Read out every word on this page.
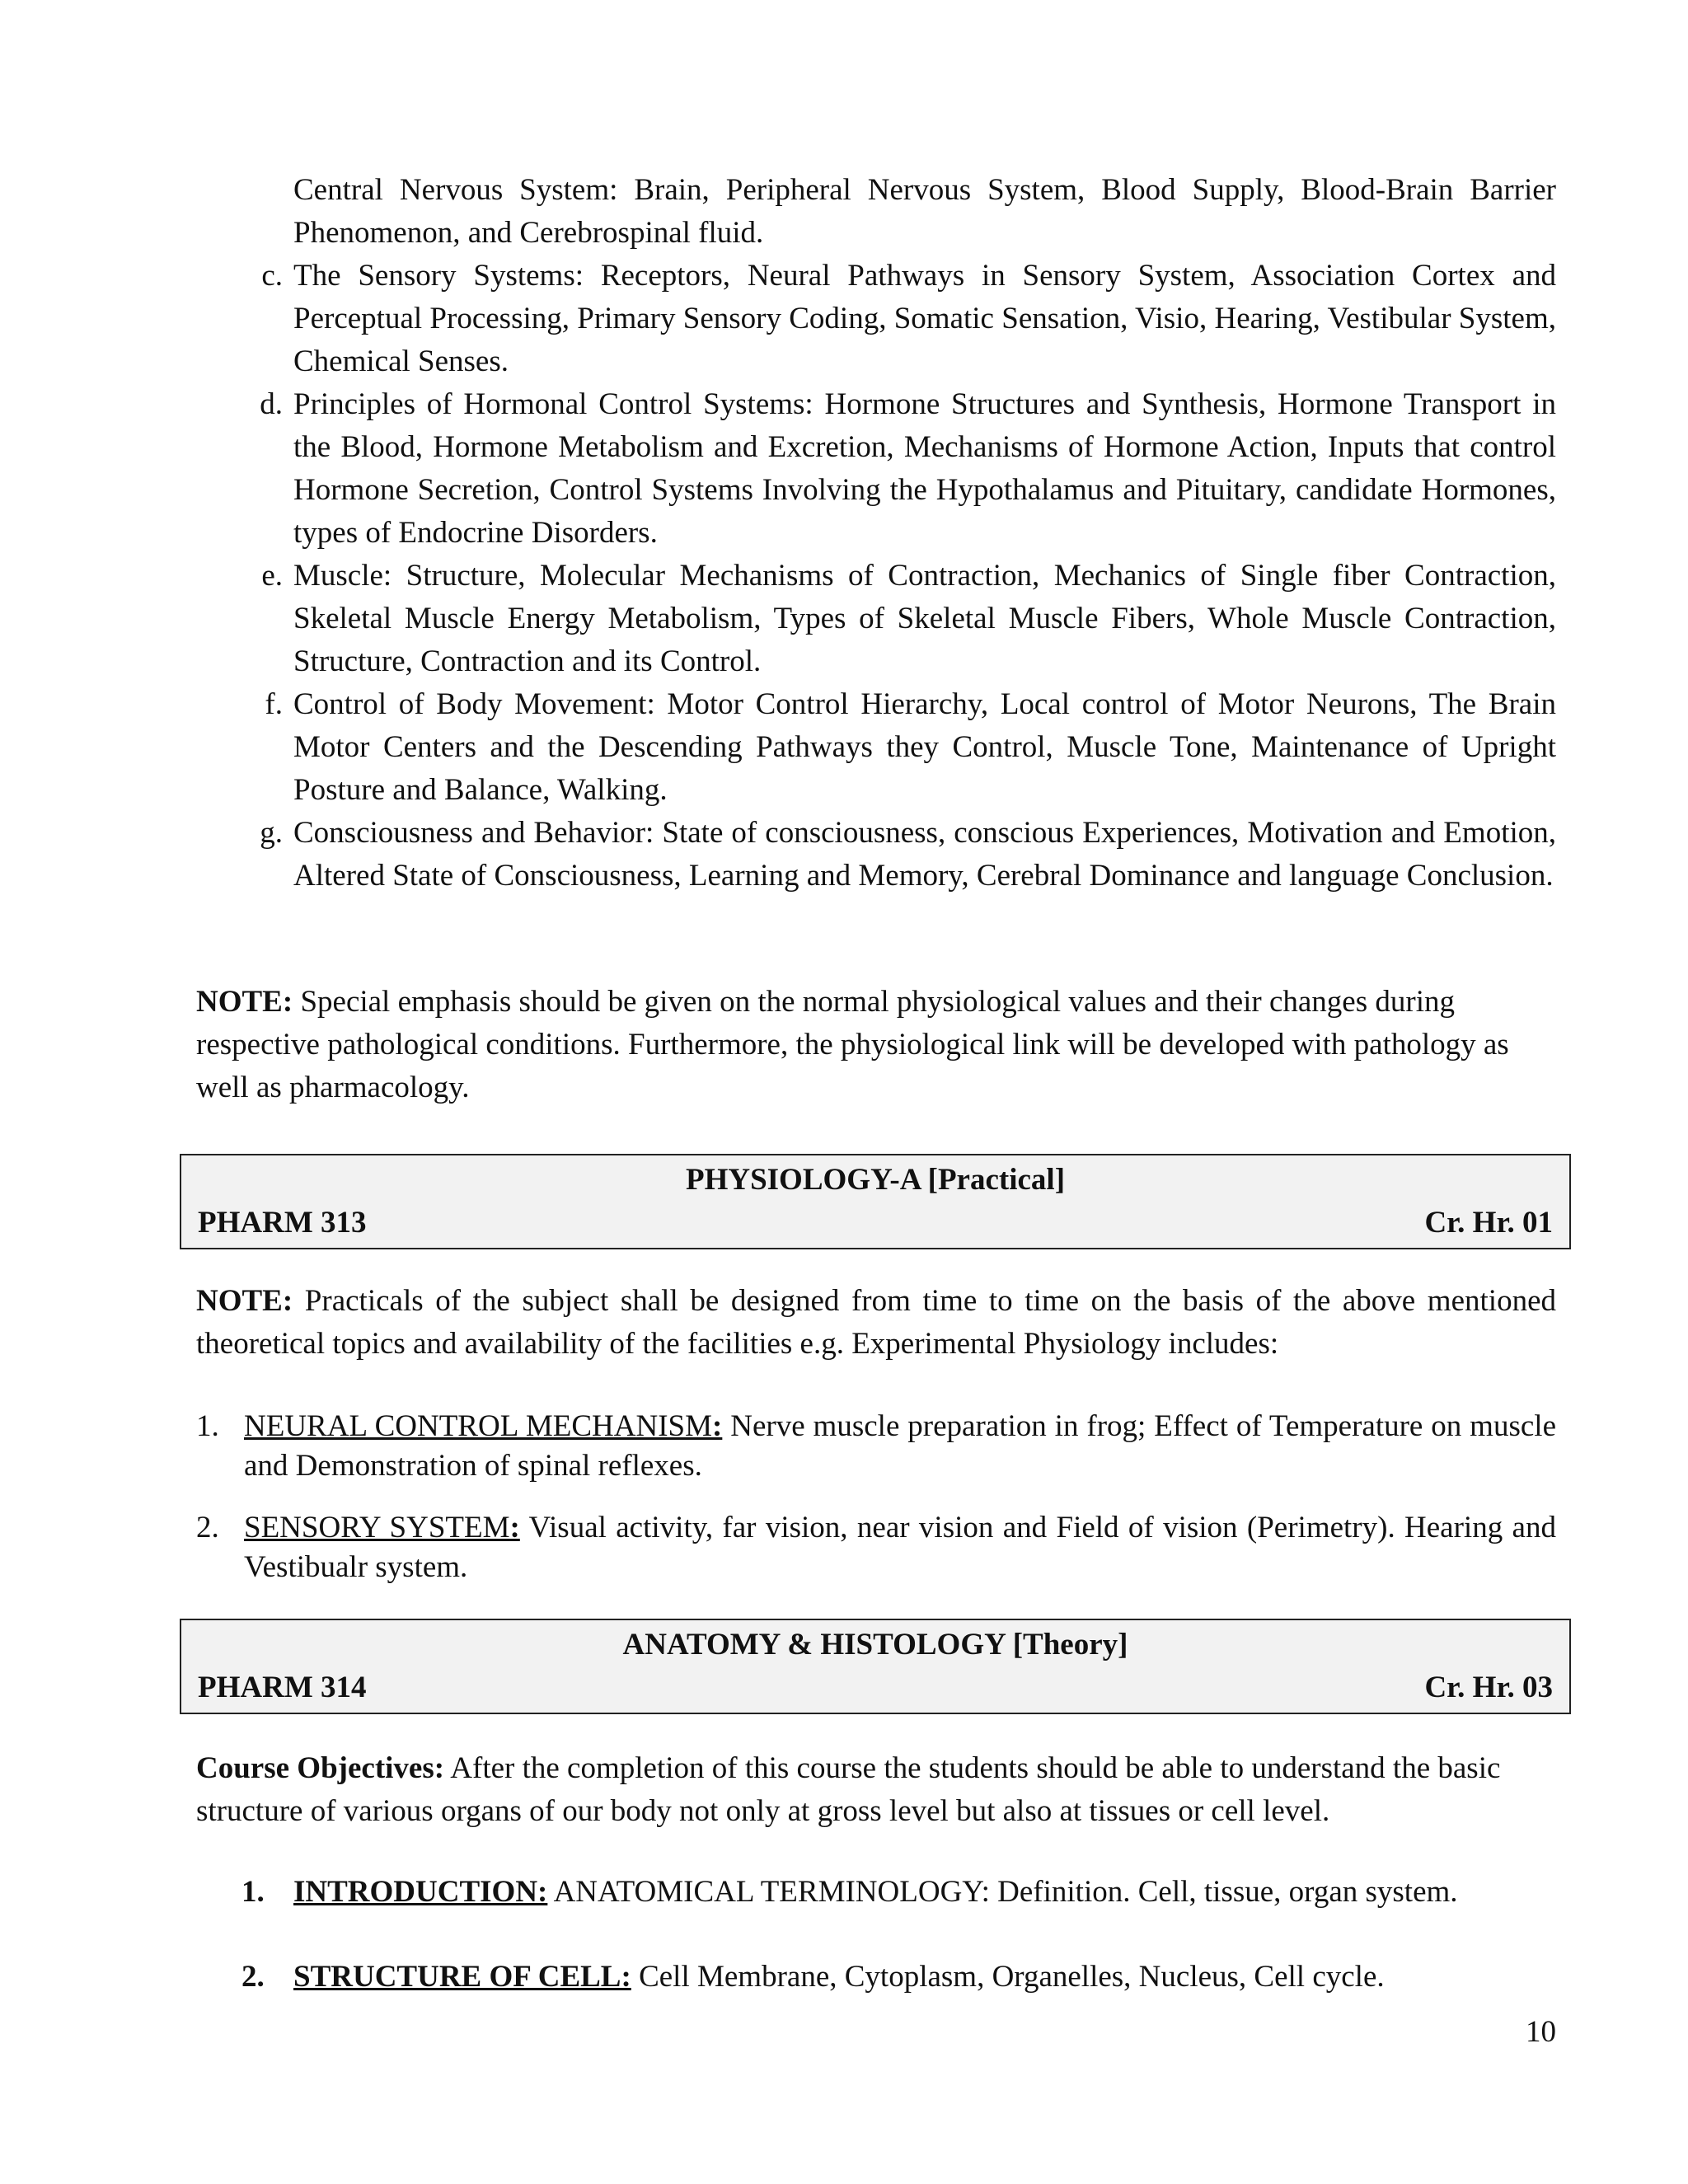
Central Nervous System: Brain, Peripheral Nervous System, Blood Supply, Blood-Brain Barrier Phenomenon, and Cerebrospinal fluid.
c. The Sensory Systems: Receptors, Neural Pathways in Sensory System, Association Cortex and Perceptual Processing, Primary Sensory Coding, Somatic Sensation, Visio, Hearing, Vestibular System, Chemical Senses.
d. Principles of Hormonal Control Systems: Hormone Structures and Synthesis, Hormone Transport in the Blood, Hormone Metabolism and Excretion, Mechanisms of Hormone Action, Inputs that control Hormone Secretion, Control Systems Involving the Hypothalamus and Pituitary, candidate Hormones, types of Endocrine Disorders.
e. Muscle: Structure, Molecular Mechanisms of Contraction, Mechanics of Single fiber Contraction, Skeletal Muscle Energy Metabolism, Types of Skeletal Muscle Fibers, Whole Muscle Contraction, Structure, Contraction and its Control.
f. Control of Body Movement: Motor Control Hierarchy, Local control of Motor Neurons, The Brain Motor Centers and the Descending Pathways they Control, Muscle Tone, Maintenance of Upright Posture and Balance, Walking.
g. Consciousness and Behavior: State of consciousness, conscious Experiences, Motivation and Emotion, Altered State of Consciousness, Learning and Memory, Cerebral Dominance and language Conclusion.
NOTE: Special emphasis should be given on the normal physiological values and their changes during respective pathological conditions. Furthermore, the physiological link will be developed with pathology as well as pharmacology.
PHYSIOLOGY-A [Practical]
PHARM 313	Cr. Hr. 01
NOTE: Practicals of the subject shall be designed from time to time on the basis of the above mentioned theoretical topics and availability of the facilities e.g. Experimental Physiology includes:
1. NEURAL CONTROL MECHANISM: Nerve muscle preparation in frog; Effect of Temperature on muscle and Demonstration of spinal reflexes.
2. SENSORY SYSTEM: Visual activity, far vision, near vision and Field of vision (Perimetry). Hearing and Vestibualr system.
ANATOMY & HISTOLOGY [Theory]
PHARM 314	Cr. Hr. 03
Course Objectives: After the completion of this course the students should be able to understand the basic structure of various organs of our body not only at gross level but also at tissues or cell level.
1. INTRODUCTION: ANATOMICAL TERMINOLOGY: Definition. Cell, tissue, organ system.
2. STRUCTURE OF CELL: Cell Membrane, Cytoplasm, Organelles, Nucleus, Cell cycle.
10
